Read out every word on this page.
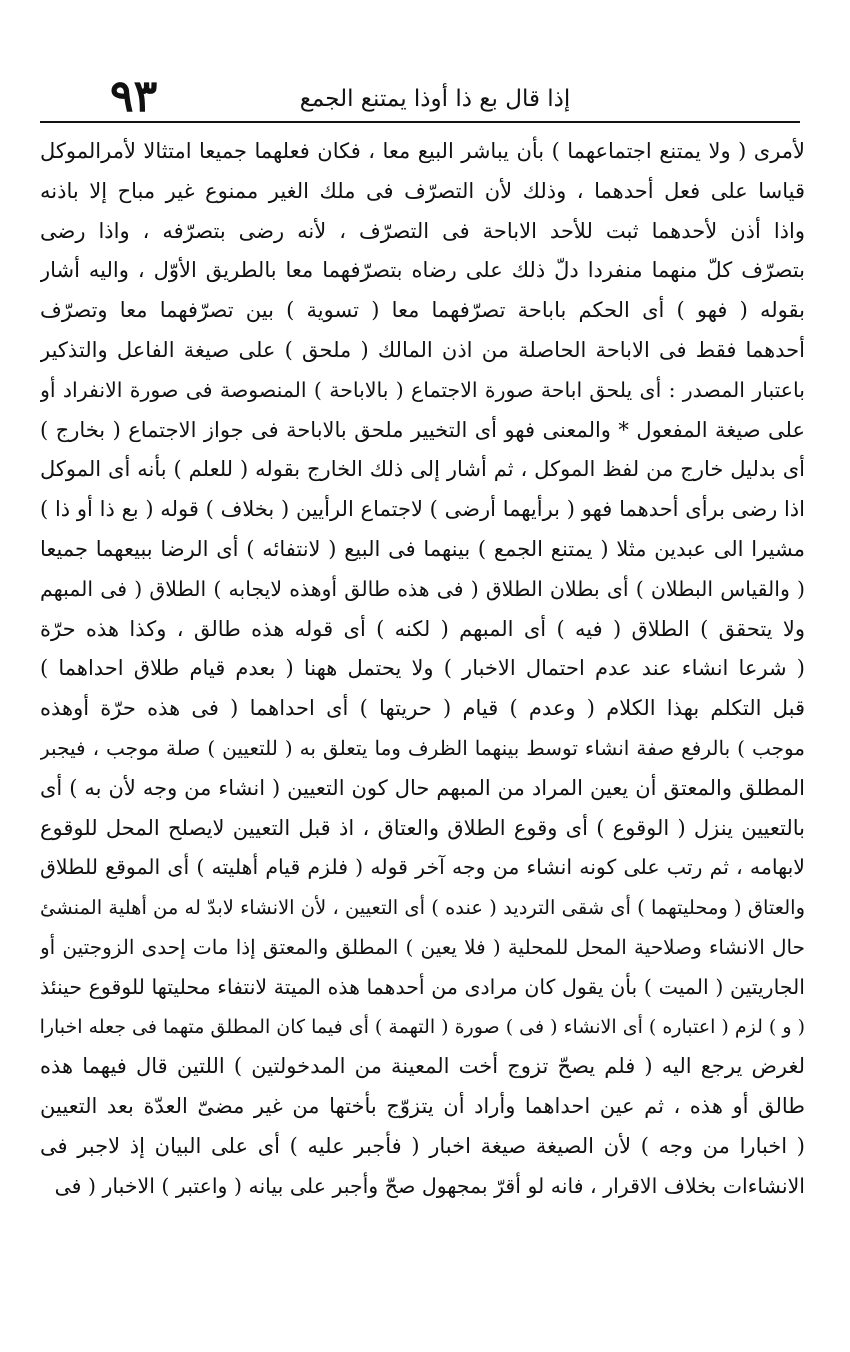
٩٣	إذا قال بع ذا أوذا يمتنع الجمع
لأمرى ( ولا يمتنع اجتماعهما ) بأن يباشر البيع معا ، فكان فعلهما جميعا امتثالا لأمرالموكل
قياسا على فعل أحدهما ، وذلك لأن التصرّف فى ملك الغير ممنوع غير مباح إلا باذنه
واذا أذن لأحدهما ثبت للأحد الاباحة فى التصرّف ، لأنه رضى بتصرّفه ، واذا رضى
بتصرّف كلّ منهما منفردا دلّ ذلك على رضاه بتصرّفهما معا بالطريق الأوّل ، واليه أشار
بقوله ( فهو ) أى الحكم باباحة تصرّفهما معا ( تسوية ) بين تصرّفهما معا وتصرّف
أحدهما فقط فى الاباحة الحاصلة من اذن المالك ( ملحق ) على صيغة الفاعل والتذكير
باعتبار المصدر : أى يلحق اباحة صورة الاجتماع ( بالاباحة ) المنصوصة فى صورة الانفراد أو
على صيغة المفعول * والمعنى فهو أى التخيير ملحق بالاباحة فى جواز الاجتماع ( بخارج )
أى بدليل خارج من لفظ الموكل ، ثم أشار إلى ذلك الخارج بقوله ( للعلم ) بأنه أى الموكل
اذا رضى برأى أحدهما فهو ( برأيهما أرضى ) لاجتماع الرأيين ( بخلاف ) قوله ( بع ذا أو ذا )
مشيرا الى عبدين مثلا ( يمتنع الجمع ) بينهما فى البيع ( لانتفائه ) أى الرضا ببيعهما جميعا
( والقياس البطلان ) أى بطلان الطلاق ( فى هذه طالق أوهذه لايجابه ) الطلاق ( فى المبهم
ولا يتحقق ) الطلاق ( فيه ) أى المبهم ( لكنه ) أى قوله هذه طالق ، وكذا هذه حرّة
( شرعا انشاء عند عدم احتمال الاخبار ) ولا يحتمل ههنا ( بعدم قيام طلاق احداهما )
قبل التكلم بهذا الكلام ( وعدم ) قيام ( حريتها ) أى احداهما ( فى هذه حرّة أوهذه
موجب ) بالرفع صفة انشاء توسط بينهما الظرف وما يتعلق به ( للتعيين ) صلة موجب ، فيجبر
المطلق والمعتق أن يعين المراد من المبهم حال كون التعيين ( انشاء من وجه لأن به ) أى
بالتعيين ينزل ( الوقوع ) أى وقوع الطلاق والعتاق ، اذ قبل التعيين لايصلح المحل للوقوع
لابهامه ، ثم رتب على كونه انشاء من وجه آخر قوله ( فلزم قيام أهليته ) أى الموقع للطلاق
والعتاق ( ومحليتهما ) أى شقى الترديد ( عنده ) أى التعيين ، لأن الانشاء لابدّ له من أهلية المنشئ
حال الانشاء وصلاحية المحل للمحلية ( فلا يعين ) المطلق والمعتق إذا مات إحدى الزوجتين أو
الجاريتين ( الميت ) بأن يقول كان مرادى من أحدهما هذه الميتة لانتفاء محليتها للوقوع حينئذ
( و ) لزم ( اعتباره ) أى الانشاء ( فى ) صورة ( التهمة ) أى فيما كان المطلق متهما فى جعله اخبارا
لغرض يرجع اليه ( فلم يصحّ تزوج أخت المعينة من المدخولتين ) اللتين قال فيهما هذه
طالق أو هذه ، ثم عين احداهما وأراد أن يتزوّج بأختها من غير مضىّ العدّة بعد التعيين
( اخبارا من وجه ) لأن الصيغة صيغة اخبار ( فأجبر عليه ) أى على البيان إذ لاجبر فى
الانشاءات بخلاف الاقرار ، فانه لو أقرّ بمجهول صحّ وأجبر على بيانه ( واعتبر ) الاخبار ( فى
